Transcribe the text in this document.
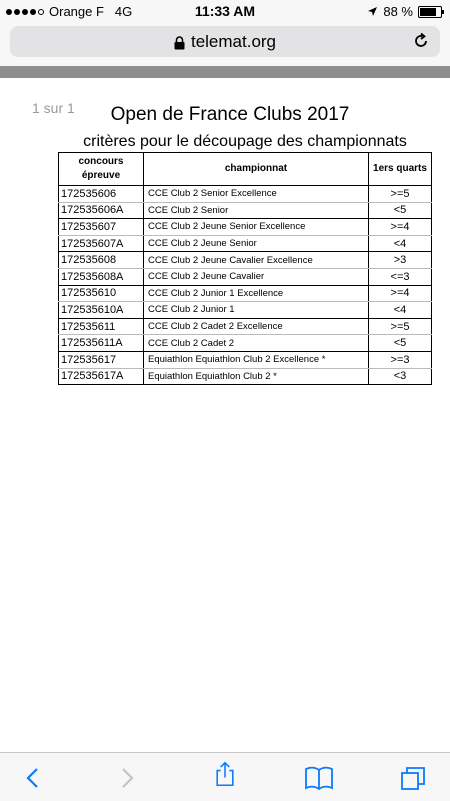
Orange F 4G	11:33 AM	88 %
telemat.org
1 sur 1	Open de France Clubs 2017
critères pour le découpage des championnats
concours
épreuve	championnat	1ers quarts
172535606	CCE Club 2 Senior Excellence	>=5
172535606A	CCE Club 2 Senior	<5
172535607	CCE Club 2 Jeune Senior Excellence	>=4
172535607A	CCE Club 2 Jeune Senior	<4
172535608	CCE Club 2 Jeune Cavalier Excellence	>3
172535608A	CCE Club 2 Jeune Cavalier	<=3
172535610	CCE Club 2 Junior 1 Excellence	>=4
172535610A	CCE Club 2 Junior 1	<4
172535611	CCE Club 2 Cadet 2 Excellence	>=5
172535611A	CCE Club 2 Cadet 2	<5
172535617	Equiathlon Equiathlon Club 2 Excellence *	>=3
172535617A	Equiathlon Equiathlon Club 2 *	<3
